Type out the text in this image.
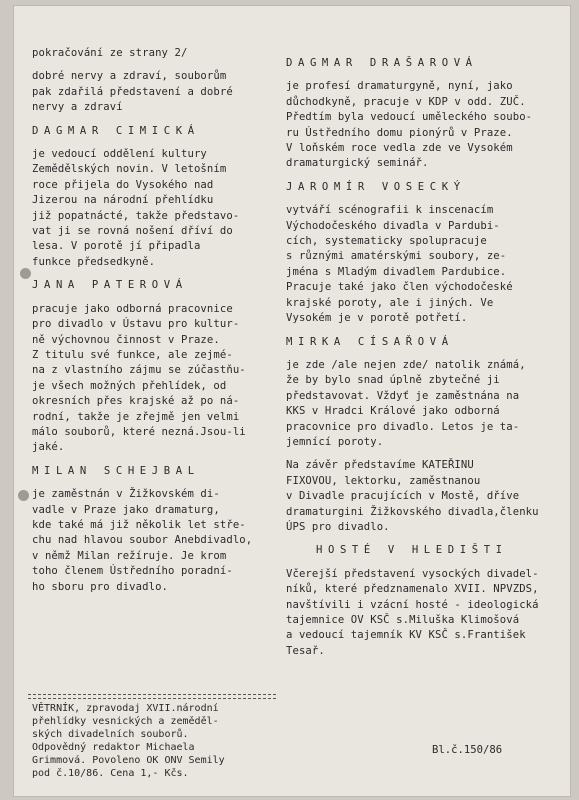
pokračování ze strany 2/

dobré nervy a zdraví, souborům
pak zdařilá představení a dobré
nervy a zdraví

DAGMAR CIMICKÁ

je vedoucí oddělení kultury
Zemědělských novin. V letošním
roce přijela do Vysokého nad
Jizerou na národní přehlídku
již popatnácté, takže představo-
vat ji se rovná nošení dříví do
lesa. V porotě jí připadla
funkce předsedkyně.

JANA PATEROVÁ

pracuje jako odborná pracovnice
pro divadlo v Ústavu pro kultur-
ně výchovnou činnost v Praze.
Z titulu své funkce, ale zejmé-
na z vlastního zájmu se zúčastňu-
je všech možných přehlídek, od
okresních přes krajské až po ná-
rodní, takže je zřejmě jen velmi
málo souborů, které nezná.Jsou-li
jaké.

MILAN SCHEJBAL

je zaměstnán v Žižkovském di-
vadle v Praze jako dramaturg,
kde také má již několik let stře-
chu nad hlavou soubor Anebdivadlo,
v němž Milan režíruje. Je krom
toho členem Ústředního poradní-
ho sboru pro divadlo.

DAGMAR DRAŠAROVÁ

je profesí dramaturgyně, nyní, jako
důchodkyně, pracuje v KDP v odd. ZUČ.
Předtím byla vedoucí uměleckého soubo-
ru Ústředního domu pionýrů v Praze.
V loňském roce vedla zde ve Vysokém
dramaturgický seminář.

JAROMÍR VOSECKÝ

vytváří scénografii k inscenacím
Východočeského divadla v Pardubi-
cích, systematicky spolupracuje
s různými amatérskými soubory, ze-
jména s Mladým divadlem Pardubice.
Pracuje také jako člen východočeské
krajské poroty, ale i jiných. Ve
Vysokém je v porotě potřetí.

MIRKA CÍSAŘOVÁ

je zde /ale nejen zde/ natolik známá,
že by bylo snad úplně zbytečné ji
představovat. Vždyť je zaměstnána na
KKS v Hradci Králové jako odborná
pracovnice pro divadlo. Letos je ta-
jemnící poroty.

Na závěr představíme KATEŘINU
FIXOVOU, lektorku, zaměstnanou
v Divadle pracujících v Mostě, dříve
dramaturgini Žižkovského divadla,členku
ÚPS pro divadlo.

HOSTÉ V HLEDIŠTI

Včerejší představení vysockých divadel-
níků, které předznamenalo XVII. NPVZDS,
navštívili i vzácní hosté - ideologická
tajemnice OV KSČ s.Miluška Klimošová
a vedoucí tajemník KV KSČ s.František
Tesař.

VĚTRNÍK, zpravodaj XVII.národní
přehlídky vesnických a zeměděl-
ských divadelních souborů.
Odpovědný redaktor Michaela
Grimmová. Povoleno OK ONV Semily
pod č.10/86. Cena 1,- Kčs.
Bl.č.150/86
